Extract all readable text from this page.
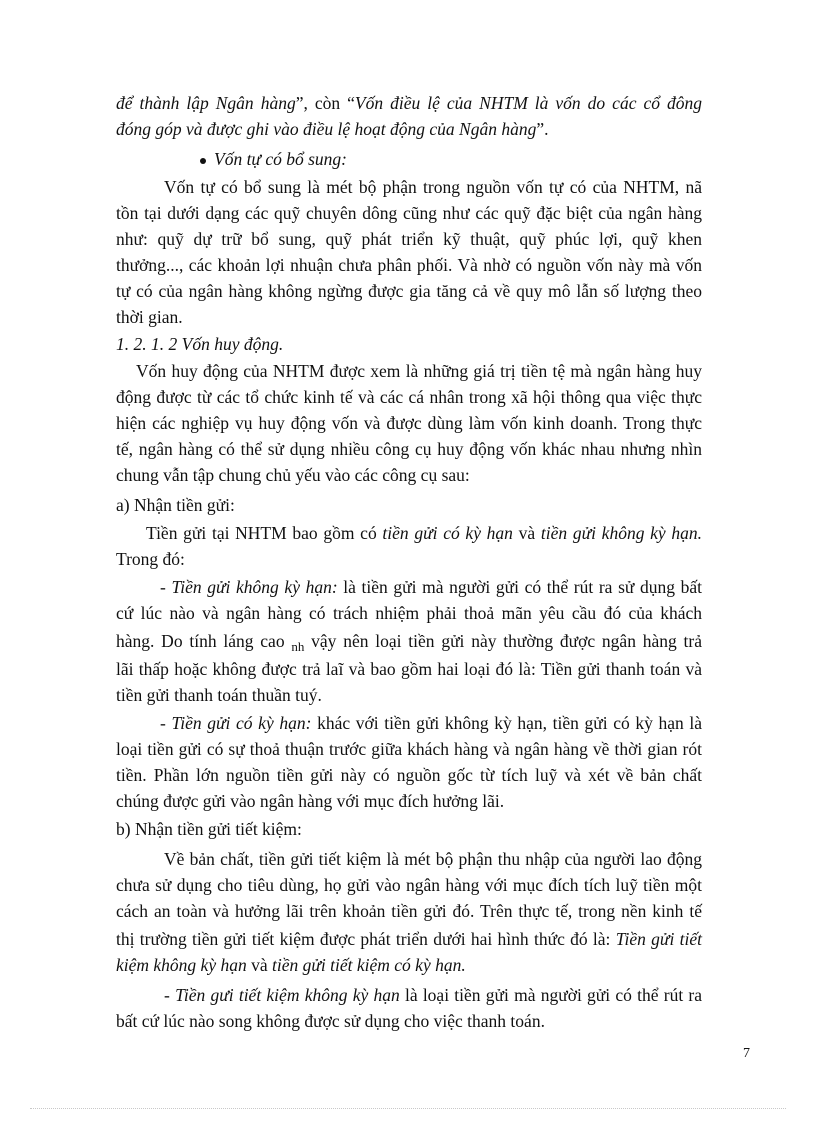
để thành lập Ngân hàng”, còn “Vốn điều lệ của NHTM là vốn do các cổ đông
đóng góp và được ghi vào điều lệ hoạt động của Ngân hàng”.
Vốn tự có bổ sung:
Vốn tự có bổ sung là mét bộ phận trong nguồn vốn tự có của NHTM, nã
tồn tại dưới dạng các quỹ chuyên dông cũng như các quỹ đặc biệt của ngân hàng
như: quỹ dự trữ bổ sung, quỹ phát triển kỹ thuật, quỹ phúc lợi, quỹ khen
thưởng..., các khoản lợi nhuận chưa phân phối. Và nhờ có nguồn vốn này mà vốn
tự có của ngân hàng không ngừng được gia tăng cả về quy mô lẫn số lượng theo
thời gian.
1. 2. 1. 2 Vốn huy động.
Vốn huy động của NHTM được xem là những giá trị tiền tệ mà ngân hàng huy
động được từ các tổ chức kinh tế và các cá nhân trong xã hội thông qua việc thực
hiện các nghiệp vụ huy động vốn và được dùng làm vốn kinh doanh. Trong thực
tế, ngân hàng có thể sử dụng nhiều công cụ huy động vốn khác nhau nhưng nhìn
chung vẫn tập chung chủ yếu vào các công cụ sau:
a) Nhận tiền gửi:
Tiền gửi tại NHTM bao gồm có tiền gửi có kỳ hạn và tiền gửi không kỳ hạn.
Trong đó:
- Tiền gửi không kỳ hạn: là tiền gửi mà người gửi có thể rút ra sử dụng bất
cứ lúc nào và ngân hàng có trách nhiệm phải thoả mãn yêu cầu đó của khách
hàng. Do tính láng cao $_{nh}$ vậy nên loại tiền gửi này thường được ngân hàng trả
lãi thấp hoặc không được trả laĩ và bao gồm hai loại đó là: Tiền gửi thanh toán và
tiền gửi thanh toán thuần tuý.
- Tiền gửi có kỳ hạn: khác với tiền gửi không kỳ hạn, tiền gửi có kỳ hạn là
loại tiền gửi có sự thoả thuận trước giữa khách hàng và ngân hàng về thời gian rót
tiền. Phần lớn nguồn tiền gửi này có nguồn gốc từ tích luỹ và xét về bản chất
chúng được gửi vào ngân hàng với mục đích hưởng lãi.
b) Nhận tiền gửi tiết kiệm:
Về bản chất, tiền gửi tiết kiệm là mét bộ phận thu nhập của người lao động
chưa sử dụng cho tiêu dùng, họ gửi vào ngân hàng với mục đích tích luỹ tiền một
cách an toàn và hưởng lãi trên khoản tiền gửi đó. Trên thực tế, trong nền kinh tế
thị trường tiền gửi tiết kiệm được phát triển dưới hai hình thức đó là: Tiền gửi tiết
kiệm không kỳ hạn và tiền gửi tiết kiệm có kỳ hạn.
- Tiền gưi tiết kiệm không kỳ hạn là loại tiền gửi mà người gửi có thể rút ra
bất cứ lúc nào song không được sử dụng cho việc thanh toán.
7
